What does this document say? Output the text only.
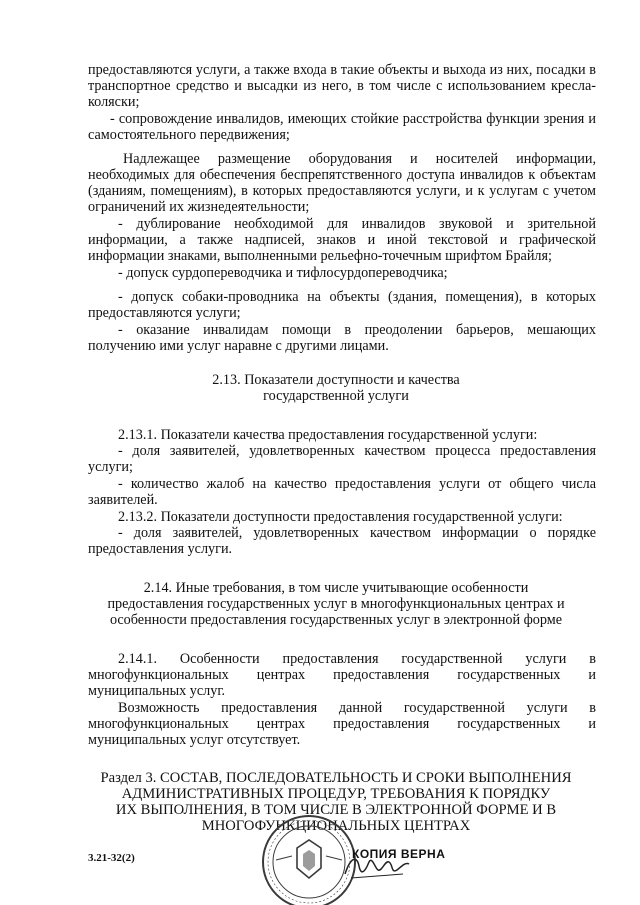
предоставляются услуги, а также входа в такие объекты и выхода из них, посадки в транспортное средство и высадки из него, в том числе с использованием кресла-коляски;
- сопровождение инвалидов, имеющих стойкие расстройства функции зрения и самостоятельного передвижения;
Надлежащее размещение оборудования и носителей информации, необходимых для обеспечения беспрепятственного доступа инвалидов к объектам (зданиям, помещениям), в которых предоставляются услуги, и к услугам с учетом ограничений их жизнедеятельности;
- дублирование необходимой для инвалидов звуковой и зрительной информации, а также надписей, знаков и иной текстовой и графической информации знаками, выполненными рельефно-точечным шрифтом Брайля;
- допуск сурдопереводчика и тифлосурдопереводчика;
- допуск собаки-проводника на объекты (здания, помещения), в которых предоставляются услуги;
- оказание инвалидам помощи в преодолении барьеров, мешающих получению ими услуг наравне с другими лицами.
2.13. Показатели доступности и качества
государственной услуги
2.13.1. Показатели качества предоставления государственной услуги:
- доля заявителей, удовлетворенных качеством процесса предоставления услуги;
- количество жалоб на качество предоставления услуги от общего числа заявителей.
2.13.2. Показатели доступности предоставления государственной услуги:
- доля заявителей, удовлетворенных качеством информации о порядке предоставления услуги.
2.14. Иные требования, в том числе учитывающие особенности
предоставления государственных услуг в многофункциональных центрах и
особенности предоставления государственных услуг в электронной форме
2.14.1. Особенности предоставления государственной услуги в многофункциональных центрах предоставления государственных и муниципальных услуг.
Возможность предоставления данной государственной услуги в многофункциональных центрах предоставления государственных и муниципальных услуг отсутствует.
Раздел 3. СОСТАВ, ПОСЛЕДОВАТЕЛЬНОСТЬ И СРОКИ ВЫПОЛНЕНИЯ
АДМИНИСТРАТИВНЫХ ПРОЦЕДУР, ТРЕБОВАНИЯ К ПОРЯДКУ
ИХ ВЫПОЛНЕНИЯ, В ТОМ ЧИСЛЕ В ЭЛЕКТРОННОЙ ФОРМЕ И В
МНОГОФУНКЦИОНАЛЬНЫХ ЦЕНТРАХ
3.21-32(2)	КОПИЯ ВЕРНА
